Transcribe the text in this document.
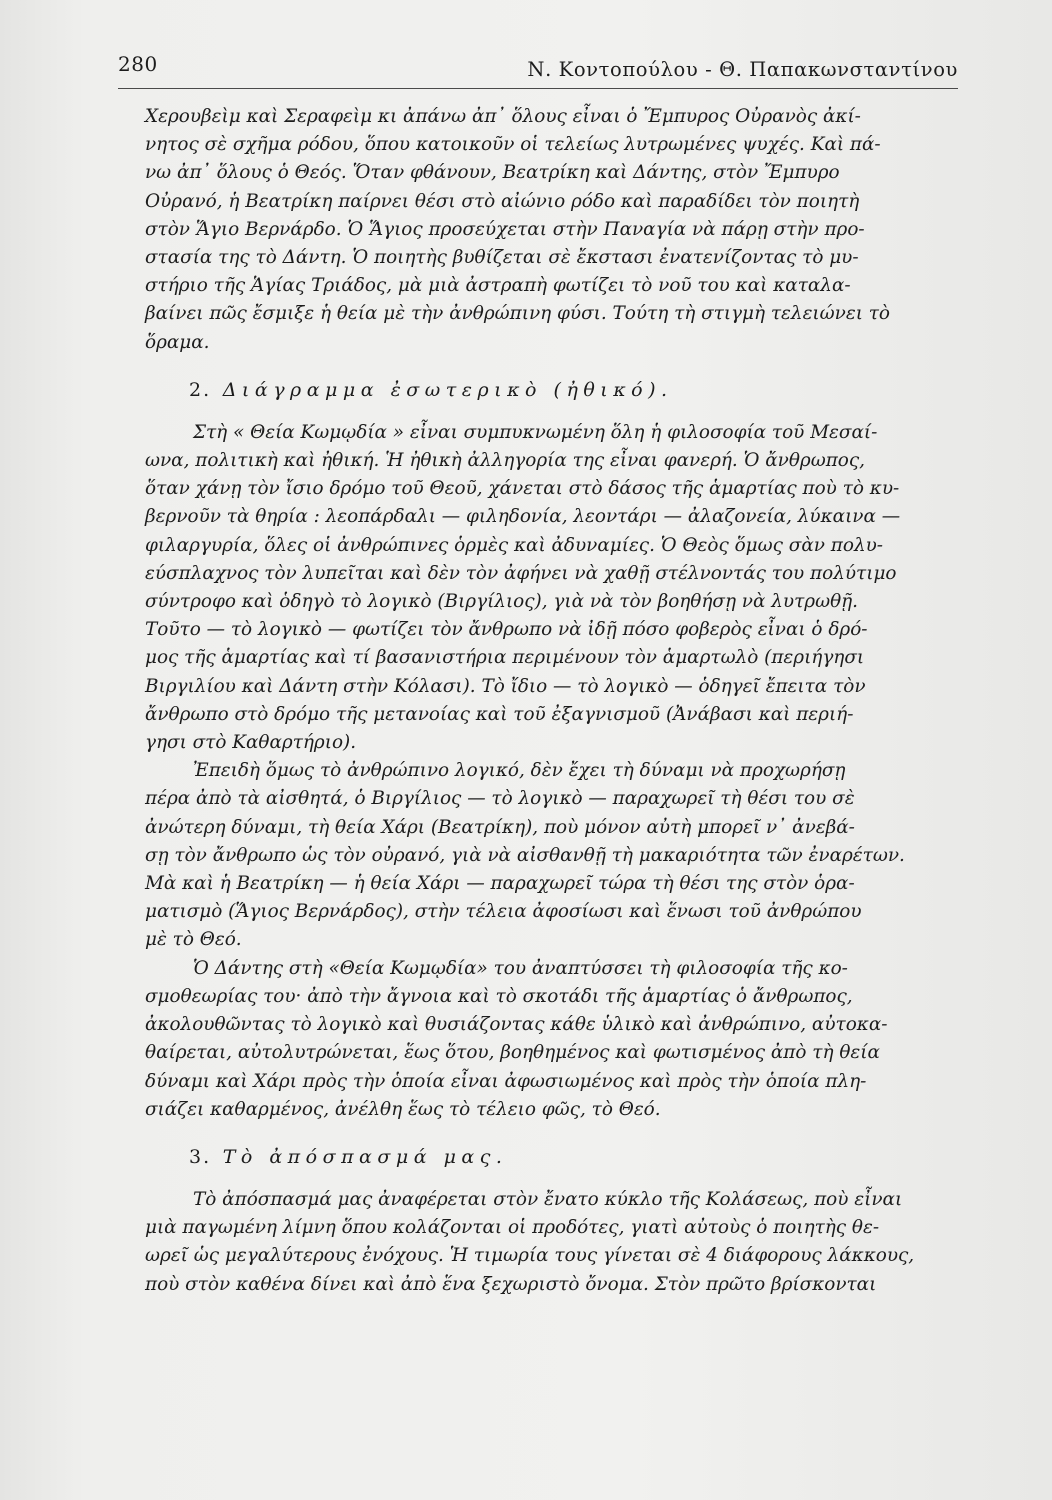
280	Ν. Κοντοπούλου - Θ. Παπακωνσταντίνου

Χερουβεὶμ καὶ Σεραφεὶμ κι ἀπάνω ἀπ᾽ ὅλους εἶναι ὁ Ἔμπυρος Οὐρανὸς ἀκί-
νητος σὲ σχῆμα ρόδου, ὅπου κατοικοῦν οἱ τελείως λυτρωμένες ψυχές. Καὶ πά-
νω ἀπ᾽ ὅλους ὁ Θεός. Ὅταν φθάνουν, Βεατρίκη καὶ Δάντης, στὸν Ἔμπυρο
Οὐρανό, ἡ Βεατρίκη παίρνει θέσι στὸ αἰώνιο ρόδο καὶ παραδίδει τὸν ποιητὴ
στὸν Ἅγιο Βερνάρδο. Ὁ Ἅγιος προσεύχεται στὴν Παναγία νὰ πάρῃ στὴν προ-
στασία της τὸ Δάντη. Ὁ ποιητὴς βυθίζεται σὲ ἔκστασι ἐνατενίζοντας τὸ μυ-
στήριο τῆς Ἁγίας Τριάδος, μὰ μιὰ ἀστραπὴ φωτίζει τὸ νοῦ του καὶ καταλα-
βαίνει πῶς ἔσμιξε ἡ θεία μὲ τὴν ἀνθρώπινη φύσι. Τούτη τὴ στιγμὴ τελειώνει τὸ
ὅραμα.

2. Διάγραμμα ἐσωτερικὸ (ἠθικό).

Στὴ « Θεία Κωμῳδία » εἶναι συμπυκνωμένη ὅλη ἡ φιλοσοφία τοῦ Μεσαί-
ωνα, πολιτικὴ καὶ ἠθική. Ἡ ἠθικὴ ἀλληγορία της εἶναι φανερή. Ὁ ἄνθρωπος,
ὅταν χάνῃ τὸν ἴσιο δρόμο τοῦ Θεοῦ, χάνεται στὸ δάσος τῆς ἁμαρτίας ποὺ τὸ κυ-
βερνοῦν τὰ θηρία : λεοπάρδαλι — φιληδονία, λεοντάρι — ἀλαζονεία, λύκαινα —
φιλαργυρία, ὅλες οἱ ἀνθρώπινες ὁρμὲς καὶ ἀδυναμίες. Ὁ Θεὸς ὅμως σὰν πολυ-
εύσπλαχνος τὸν λυπεῖται καὶ δὲν τὸν ἀφήνει νὰ χαθῇ στέλνοντάς του πολύτιμο
σύντροφο καὶ ὁδηγὸ τὸ λογικὸ (Βιργίλιος), γιὰ νὰ τὸν βοηθήσῃ νὰ λυτρωθῇ.
Τοῦτο — τὸ λογικὸ — φωτίζει τὸν ἄνθρωπο νὰ ἰδῇ πόσο φοβερὸς εἶναι ὁ δρό-
μος τῆς ἁμαρτίας καὶ τί βασανιστήρια περιμένουν τὸν ἁμαρτωλὸ (περιήγησι
Βιργιλίου καὶ Δάντη στὴν Κόλασι). Τὸ ἴδιο — τὸ λογικὸ — ὁδηγεῖ ἔπειτα τὸν
ἄνθρωπο στὸ δρόμο τῆς μετανοίας καὶ τοῦ ἐξαγνισμοῦ (Ἀνάβασι καὶ περιή-
γησι στὸ Καθαρτήριο).

Ἐπειδὴ ὅμως τὸ ἀνθρώπινο λογικό, δὲν ἔχει τὴ δύναμι νὰ προχωρήσῃ
πέρα ἀπὸ τὰ αἰσθητά, ὁ Βιργίλιος — τὸ λογικὸ — παραχωρεῖ τὴ θέσι του σὲ
ἀνώτερη δύναμι, τὴ θεία Χάρι (Βεατρίκη), ποὺ μόνον αὐτὴ μπορεῖ ν᾽ ἀνεβά-
σῃ τὸν ἄνθρωπο ὡς τὸν οὐρανό, γιὰ νὰ αἰσθανθῇ τὴ μακαριότητα τῶν ἐναρέτων.
Μὰ καὶ ἡ Βεατρίκη — ἡ θεία Χάρι — παραχωρεῖ τώρα τὴ θέσι της στὸν ὁρα-
ματισμὸ (Ἅγιος Βερνάρδος), στὴν τέλεια ἀφοσίωσι καὶ ἕνωσι τοῦ ἀνθρώπου
μὲ τὸ Θεό.

Ὁ Δάντης στὴ «Θεία Κωμῳδία» του ἀναπτύσσει τὴ φιλοσοφία τῆς κο-
σμοθεωρίας του· ἀπὸ τὴν ἄγνοια καὶ τὸ σκοτάδι τῆς ἁμαρτίας ὁ ἄνθρωπος,
ἀκολουθῶντας τὸ λογικὸ καὶ θυσιάζοντας κάθε ὑλικὸ καὶ ἀνθρώπινο, αὐτοκα-
θαίρεται, αὐτολυτρώνεται, ἕως ὅτου, βοηθημένος καὶ φωτισμένος ἀπὸ τὴ θεία
δύναμι καὶ Χάρι πρὸς τὴν ὁποία εἶναι ἀφωσιωμένος καὶ πρὸς τὴν ὁποία πλη-
σιάζει καθαρμένος, ἀνέλθη ἕως τὸ τέλειο φῶς, τὸ Θεό.

3. Τὸ ἀπόσπασμά μας.

Τὸ ἀπόσπασμά μας ἀναφέρεται στὸν ἔνατο κύκλο τῆς Κολάσεως, ποὺ εἶναι
μιὰ παγωμένη λίμνη ὅπου κολάζονται οἱ προδότες, γιατὶ αὐτοὺς ὁ ποιητὴς θε-
ωρεῖ ὡς μεγαλύτερους ἐνόχους. Ἡ τιμωρία τους γίνεται σὲ 4 διάφορους λάκκους,
ποὺ στὸν καθένα δίνει καὶ ἀπὸ ἕνα ξεχωριστὸ ὄνομα. Στὸν πρῶτο βρίσκονται
